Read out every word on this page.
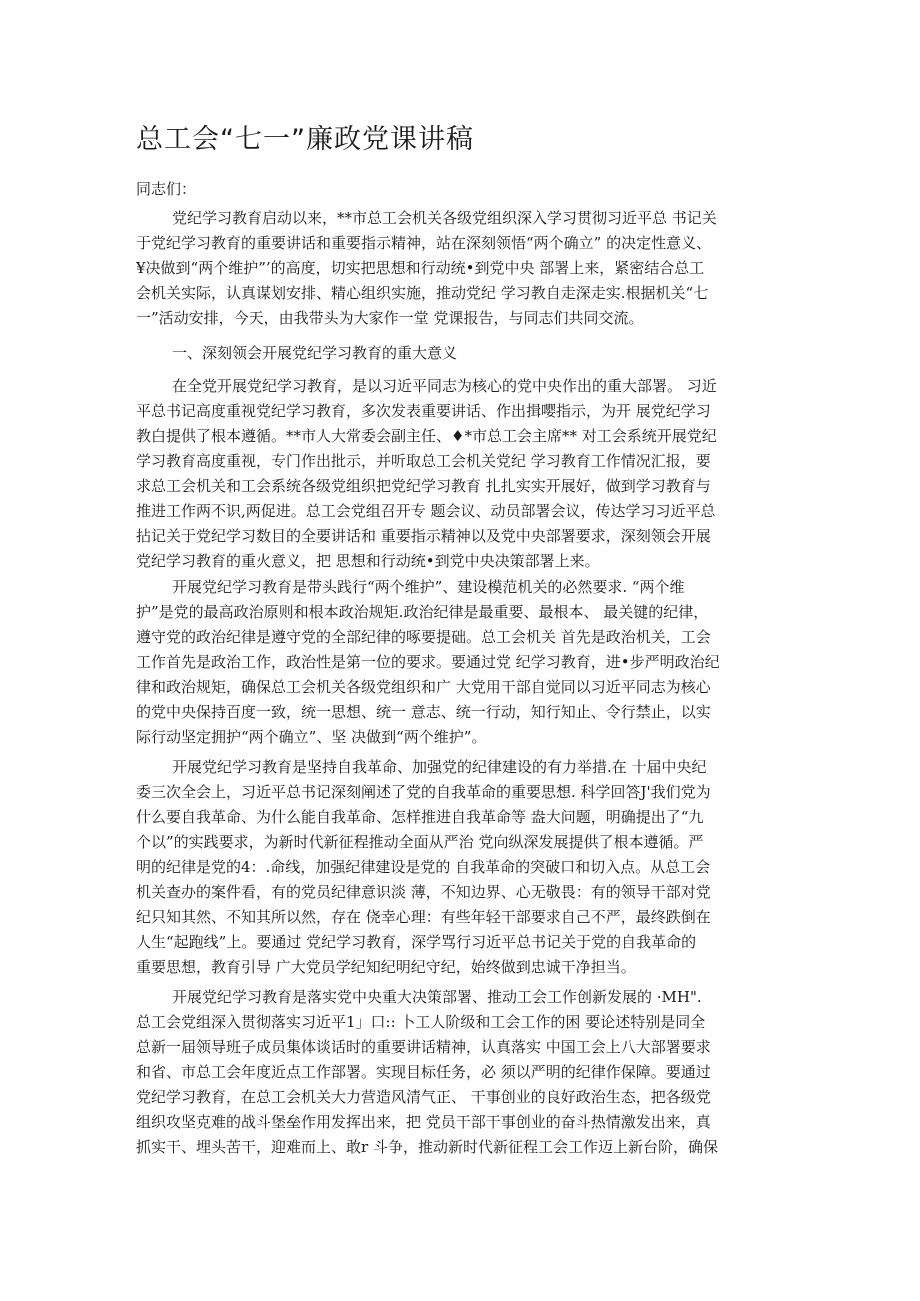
总工会“七一”廉政党课讲稿
同志们：
党纪学习教育启动以来，**市总工会机关各级党组织深入学习贯彻习近平总 书记关
于党纪学习教育的重要讲话和重要指示精神，站在深刻领悟“两个确立” 的决定性意义、
¥决做到“两个维护”’的高度，切实把思想和行动统•到党中央 部署上来，紧密结合总工
会机关实际，认真谋划安排、精心组织实施，推动党纪 学习教自走深走实.根据机关“七
一”活动安排，今天，由我带头为大家作一堂 党课报告，与同志们共同交流。
一、深刻领会开展党纪学习教育的重大意义
在全党开展党纪学习教育，是以习近平同志为核心的党中央作出的重大部署。 习近
平总书记高度重视党纪学习教育，多次发表重要讲话、作出揖嘤指示，为开 展党纪学习
教白提供了根本遵循。**市人大常委会副主任、♦*市总工会主席** 对工会系统开展党纪
学习教育高度重视，专门作出批示，并听取总工会机关党纪 学习教育工作情况汇报，要
求总工会机关和工会系统各级党组织把党纪学习教育 扎扎实实开展好，做到学习教育与
推进工作两不识,两促进。总工会党组召开专 题会议、动员部署会议，传达学习习近平总
拈记关于党纪学习数目的全要讲话和 重要指示精神以及党中央部署要求，深刻领会开展
党纪学习教育的重火意义，把 思想和行动统•到党中央决策部署上来。
开展党纪学习教育是带头践行“两个维护”、建设模范机关的必然要求. “两个维
护”是党的最高政治原则和根本政治规矩.政治纪律是最重要、最根本、 最关键的纪律，
遵守党的政治纪律是遵守党的全部纪律的啄要提础。总工会机关 首先是政治机关，工会
工作首先是政治工作，政治性是第一位的要求。要通过党 纪学习教育，进•步严明政治纪
律和政治规矩，确保总工会机关各级党组织和广 大党用干部自觉同以习近平同志为核心
的党中央保持百度一致，统一思想、统一 意志、统一行动，知行知止、令行禁止，以实
际行动坚定拥护“两个确立”、坚 决做到“两个维护”。
开展党纪学习教育是坚持自我革命、加强党的纪律建设的有力举措.在 十届中央纪
委三次全会上，习近平总书记深刻阐述了党的自我革命的重要思想. 科学回答J'我们党为
什么要自我革命、为什么能自我革命、怎样推进自我革命等 盎大问题，明确提出了“九
个以”的实践要求，为新时代新征程推动全面从严治 党向纵深发展提供了根本遵循。严
明的纪律是党的4：.命线，加强纪律建设是党的 自我革命的突破口和切入点。从总工会
机关查办的案件看，有的党员纪律意识淡 薄，不知边界、心无敬畏：有的领导干部对党
纪只知其然、不知其所以然，存在 侥幸心理：有些年轻干部要求自己不严，最终跌倒在
人生“起跑线”上。要通过 党纪学习教育，深学骂行习近平总书记关于党的自我革命的
重要思想，教育引导 广大党员学纪知纪明纪守纪，始终做到忠诚干净担当。
开展党纪学习教育是落实党中央重大决策部署、推动工会工作创新发展的 ·MH".
总工会党组深入贯彻落实习近平1」口:: 卜工人阶级和工会工作的困 要论述特别是同全
总新一届领导班子成员集体谈话时的重要讲话精神，认真落实 中国工会上八大部署要求
和省、市总工会年度近点工作部署。实现目标任务，必 须以严明的纪律作保障。要通过
党纪学习教育，在总工会机关大力营造风清气正、 干事创业的良好政治生态，把各级党
组织攻坚克难的战斗堡垒作用发挥出来，把 党员干部干事创业的奋斗热情激发出来，真
抓实干、埋头苦干，迎难而上、敢r 斗争，推动新时代新征程工会工作迈上新台阶，确保
